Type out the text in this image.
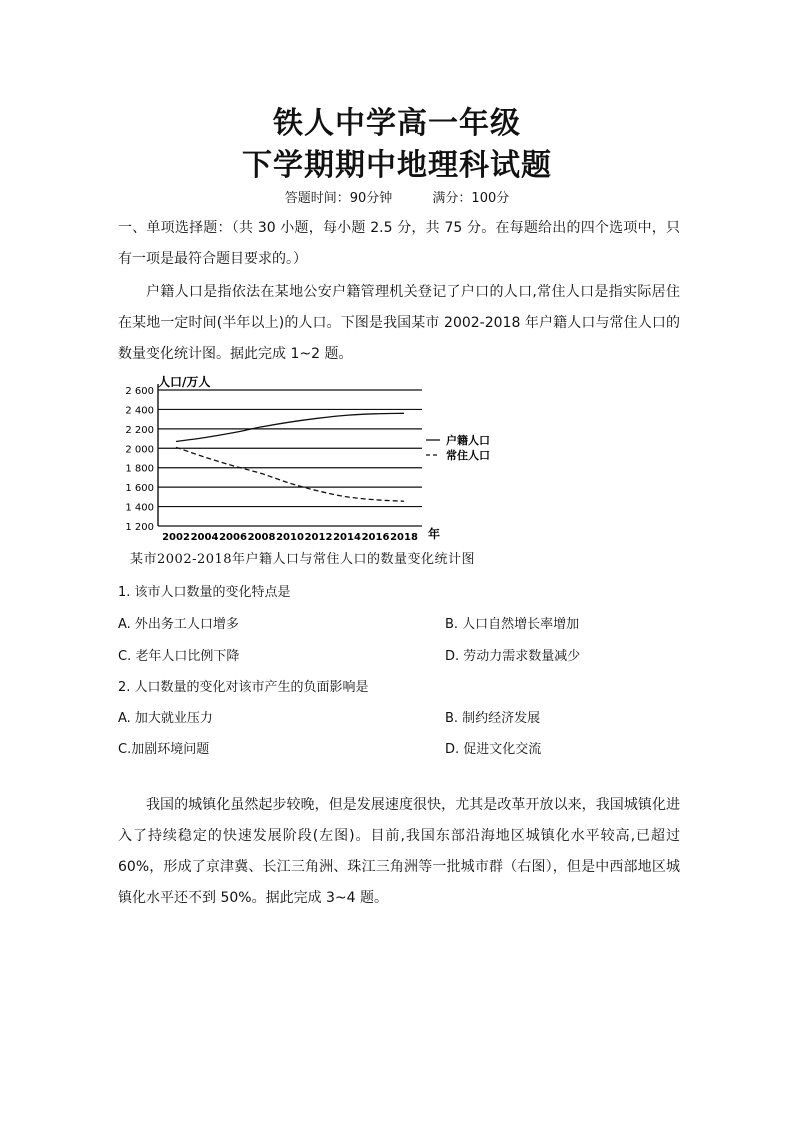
铁人中学高一年级
下学期期中地理科试题
答题时间：90分钟	满分：100分
一、单项选择题：（共 30 小题，每小题 2.5 分，共 75 分。在每题给出的四个选项中，只有一项是最符合题目要求的。）
户籍人口是指依法在某地公安户籍管理机关登记了户口的人口,常住人口是指实际居住在某地一定时间(半年以上)的人口。下图是我国某市 2002-2018 年户籍人口与常住人口的数量变化统计图。据此完成 1~2 题。
2 600
2 400
2 200
2 000
1 800
1 600
1 400
1 200
2002 2004 2006 2008 2010 2012 2014 2016 2018
户籍人口
常住人口
人口/万人
年
某市2002-2018年户籍人口与常住人口的数量变化统计图
1. 该市人口数量的变化特点是
A. 外出务工人口增多	B. 人口自然增长率增加
C. 老年人口比例下降	D. 劳动力需求数量减少
2. 人口数量的变化对该市产生的负面影响是
A. 加大就业压力	B. 制约经济发展
C.加剧环境问题	D. 促进文化交流
我国的城镇化虽然起步较晚，但是发展速度很快，尤其是改革开放以来，我国城镇化进入了持续稳定的快速发展阶段(左图)。目前,我国东部沿海地区城镇化水平较高,已超过 60%，形成了京津冀、长江三角洲、珠江三角洲等一批城市群（右图），但是中西部地区城镇化水平还不到 50%。据此完成 3~4 题。
